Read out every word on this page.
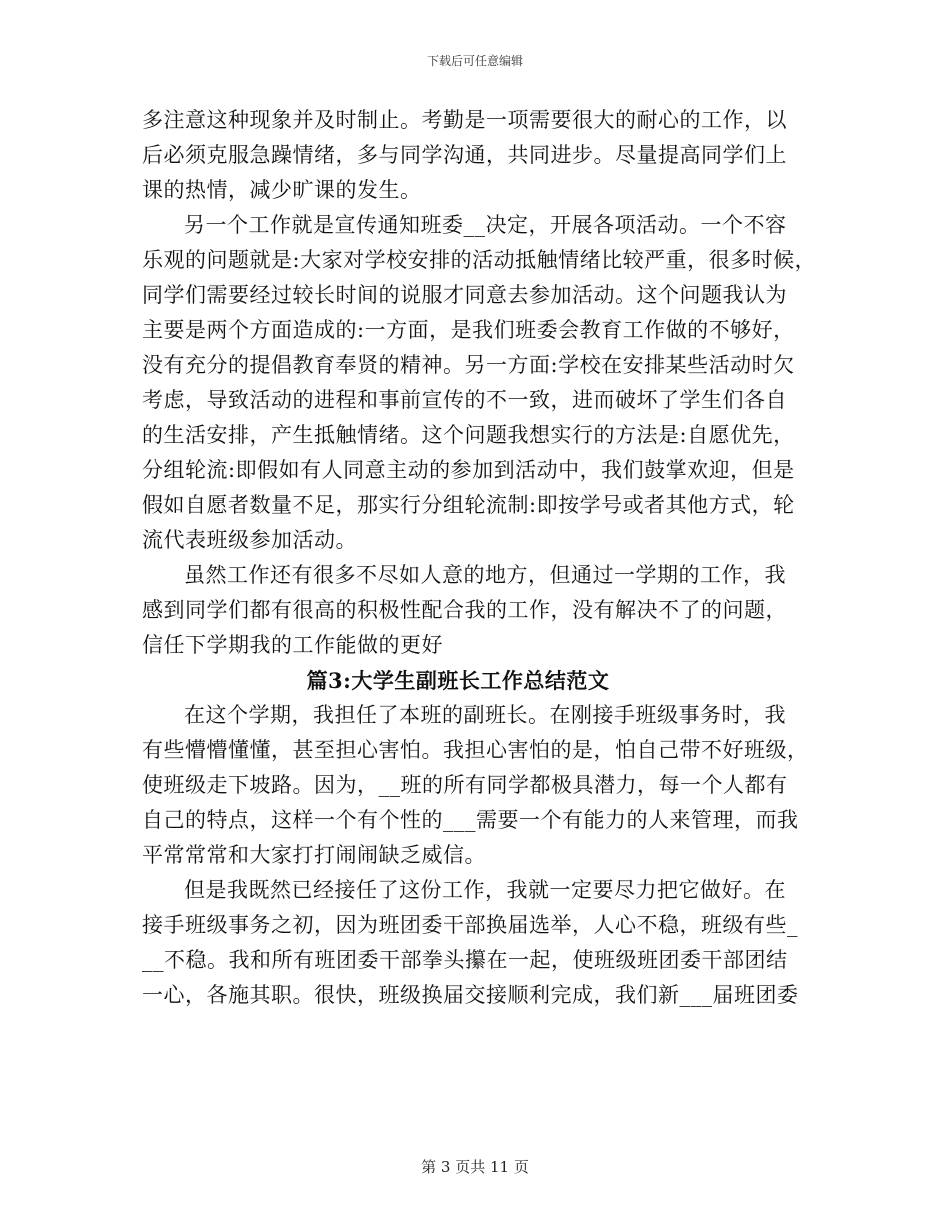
下载后可任意编辑
多注意这种现象并及时制止。考勤是一项需要很大的耐心的工作，以
后必须克服急躁情绪，多与同学沟通，共同进步。尽量提高同学们上
课的热情，减少旷课的发生。
另一个工作就是宣传通知班委__决定，开展各项活动。一个不容
乐观的问题就是:大家对学校安排的活动抵触情绪比较严重，很多时候，
同学们需要经过较长时间的说服才同意去参加活动。这个问题我认为
主要是两个方面造成的:一方面，是我们班委会教育工作做的不够好，
没有充分的提倡教育奉贤的精神。另一方面:学校在安排某些活动时欠
考虑，导致活动的进程和事前宣传的不一致，进而破坏了学生们各自
的生活安排，产生抵触情绪。这个问题我想实行的方法是:自愿优先，
分组轮流:即假如有人同意主动的参加到活动中，我们鼓掌欢迎，但是
假如自愿者数量不足，那实行分组轮流制:即按学号或者其他方式，轮
流代表班级参加活动。
虽然工作还有很多不尽如人意的地方，但通过一学期的工作，我
感到同学们都有很高的积极性配合我的工作，没有解决不了的问题，
信任下学期我的工作能做的更好
篇3:大学生副班长工作总结范文
在这个学期，我担任了本班的副班长。在刚接手班级事务时，我
有些懵懵懂懂，甚至担心害怕。我担心害怕的是，怕自己带不好班级，
使班级走下坡路。因为，__班的所有同学都极具潜力，每一个人都有
自己的特点，这样一个有个性的___需要一个有能力的人来管理，而我
平常常常和大家打打闹闹缺乏威信。
但是我既然已经接任了这份工作，我就一定要尽力把它做好。在
接手班级事务之初，因为班团委干部换届选举，人心不稳，班级有些_
__不稳。我和所有班团委干部拳头攥在一起，使班级班团委干部团结
一心，各施其职。很快，班级换届交接顺利完成，我们新___届班团委
第 3 页共 11 页
